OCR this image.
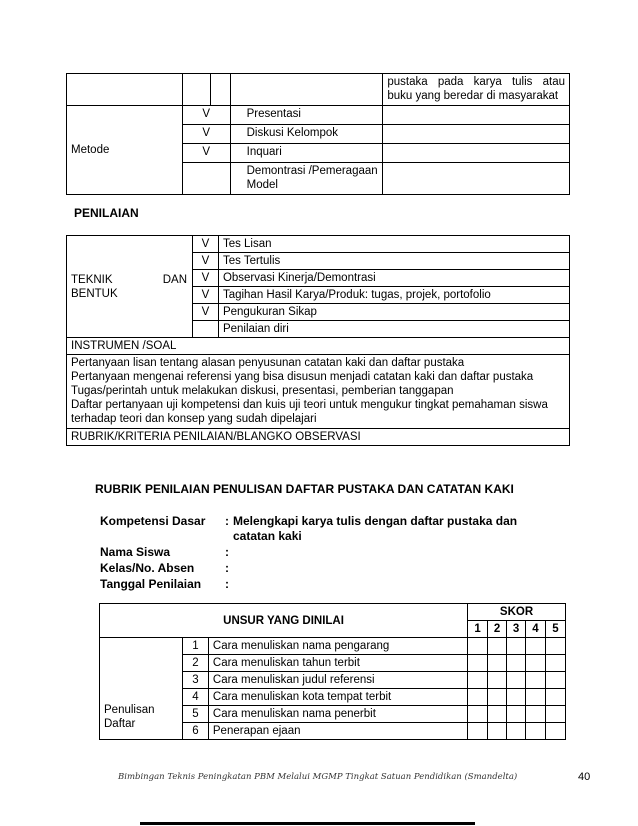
				pustaka pada karya tulis atau buku yang beredar di masyarakat
Metode	V		Presentasi	
	V		Diskusi Kelompok	
	V		Inquari	
			Demontrasi /Pemeragaan Model	
PENILAIAN
TEKNIK DAN BENTUK	V	Tes Lisan
	V	Tes Tertulis
	V	Observasi Kinerja/Demontrasi
	V	Tagihan Hasil Karya/Produk: tugas, projek, portofolio
	V	Pengukuran Sikap
		Penilaian diri
INSTRUMEN /SOAL		

Pertanyaan lisan tentang alasan penyusunan catatan kaki dan daftar pustaka
Pertanyaan mengenai referensi yang bisa disusun menjadi catatan kaki dan daftar pustaka
Tugas/perintah untuk melakukan diskusi, presentasi, pemberian tanggapan
Daftar pertanyaan uji kompetensi dan kuis uji teori untuk mengukur tingkat pemahaman siswa terhadap teori dan konsep yang sudah dipelajari		

RUBRIK/KRITERIA PENILAIAN/BLANGKO OBSERVASI		
RUBRIK PENILAIAN PENULISAN DAFTAR PUSTAKA DAN CATATAN KAKI
Kompetensi Dasar	: Melengkapi karya tulis dengan daftar pustaka dan catatan kaki
Nama Siswa	:
Kelas/No. Absen	:
Tanggal Penilaian	:
UNSUR YANG DINILAI			SKOR				
			1	2	3	4	5

Penulisan Daftar	1	Cara menuliskan nama pengarang					
	2	Cara menuliskan tahun terbit					
	3	Cara menuliskan judul referensi					
	4	Cara menuliskan kota tempat terbit					
	5	Cara menuliskan nama penerbit					
	6	Penerapan ejaan					
Bimbingan Teknis Peningkatan PBM Melalui MGMP Tingkat Satuan Pendidikan (Smandelta)	40
